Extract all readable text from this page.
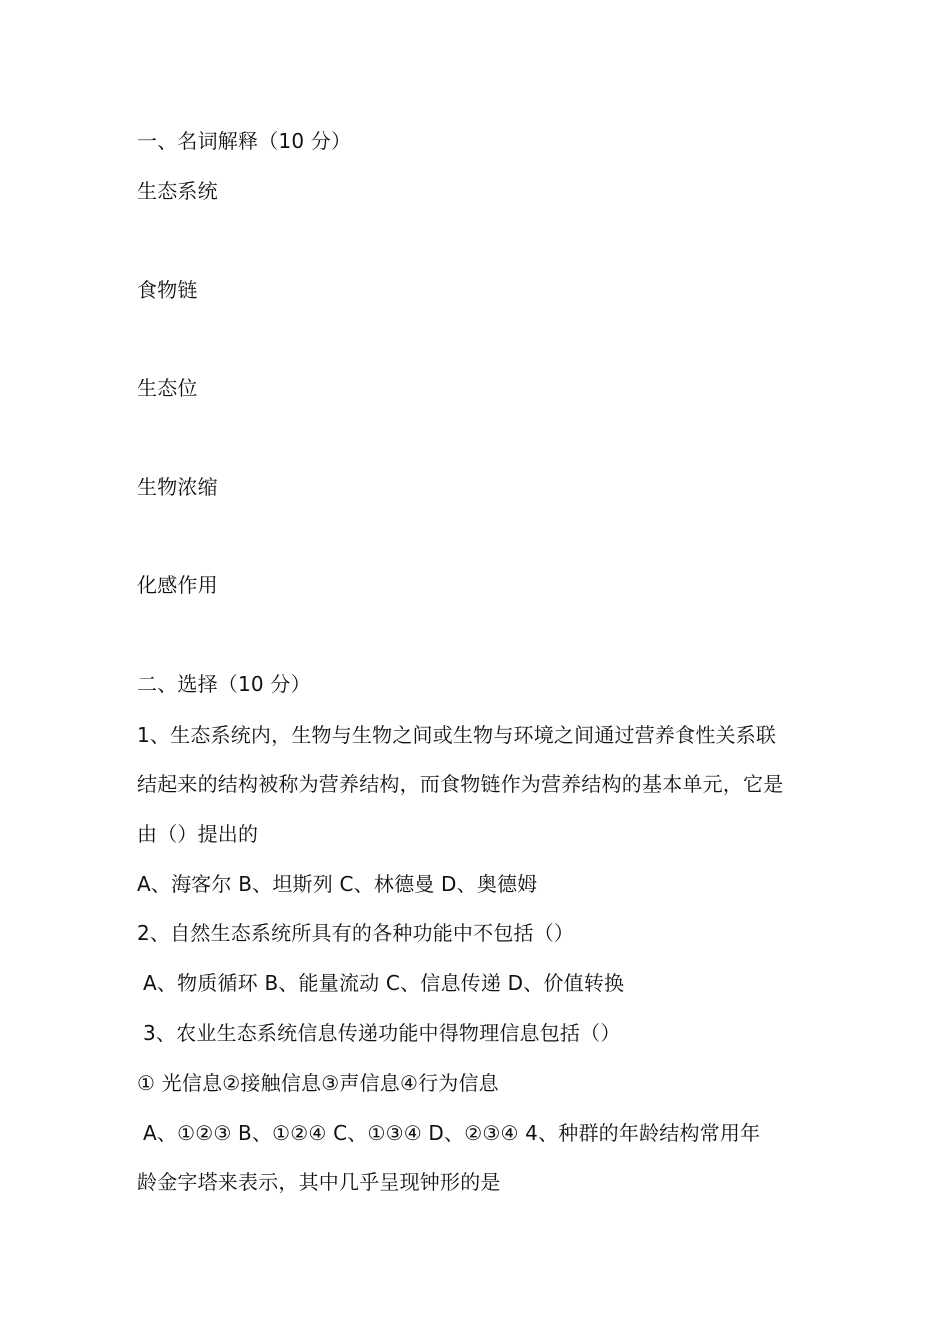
一、名词解释（10 分）
生态系统
食物链
生态位
生物浓缩
化感作用
二、选择（10 分）
1、生态系统内，生物与生物之间或生物与环境之间通过营养食性关系联
结起来的结构被称为营养结构，而食物链作为营养结构的基本单元，它是
由（）提出的
A、海客尔 B、坦斯列 C、林德曼 D、奥德姆
2、自然生态系统所具有的各种功能中不包括（）
A、物质循环 B、能量流动 C、信息传递 D、价值转换
3、农业生态系统信息传递功能中得物理信息包括（）
① 光信息②接触信息③声信息④行为信息
A、①②③ B、①②④ C、①③④ D、②③④ 4、种群的年龄结构常用年
龄金字塔来表示，其中几乎呈现钟形的是
